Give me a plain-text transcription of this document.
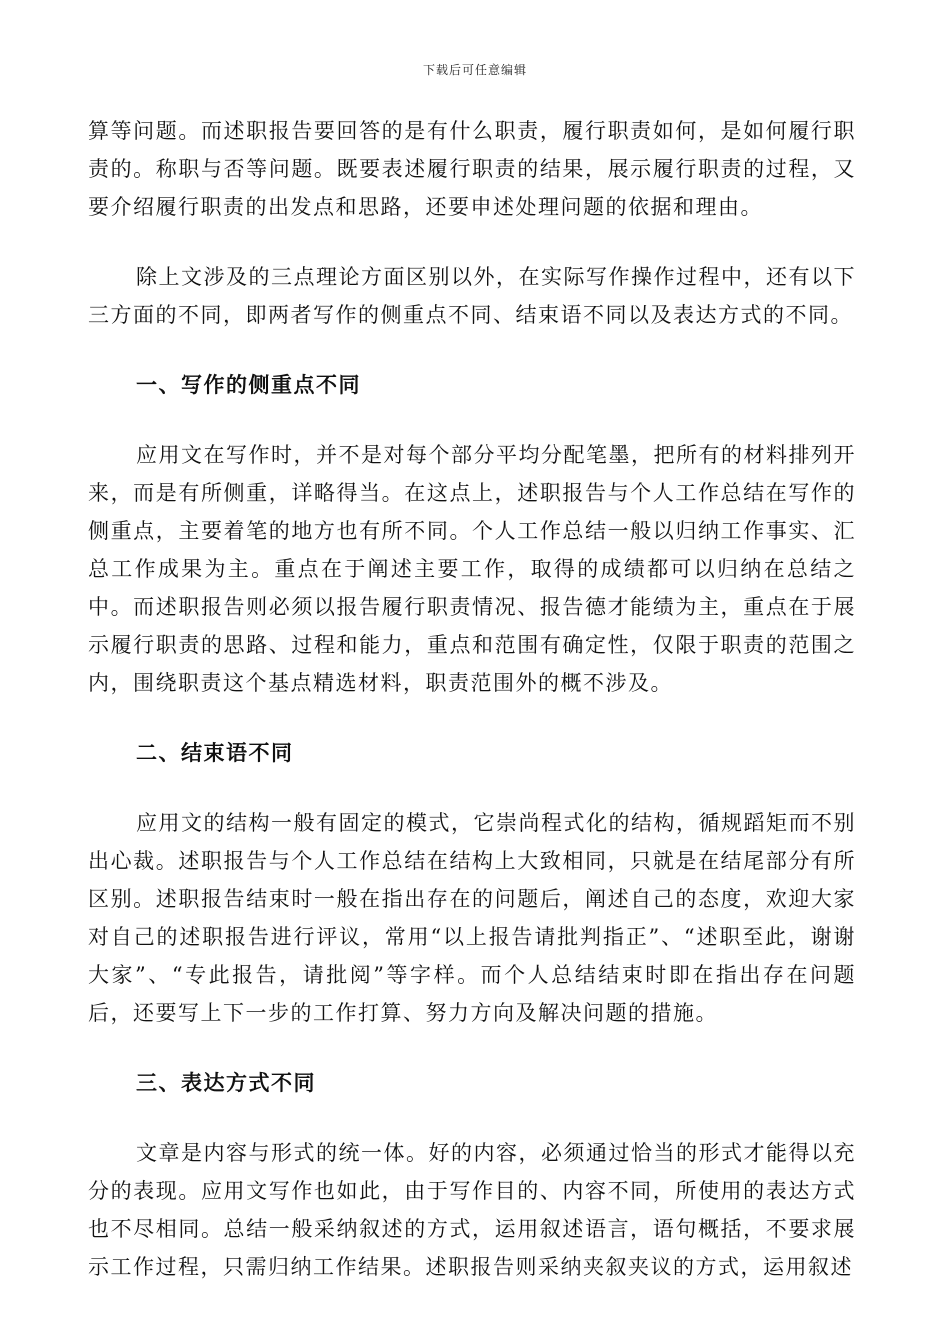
下载后可任意编辑

算等问题。而述职报告要回答的是有什么职责，履行职责如何，是如何履行职责的。称职与否等问题。既要表述履行职责的结果，展示履行职责的过程，又要介绍履行职责的出发点和思路，还要申述处理问题的依据和理由。

除上文涉及的三点理论方面区别以外，在实际写作操作过程中，还有以下三方面的不同，即两者写作的侧重点不同、结束语不同以及表达方式的不同。

一、写作的侧重点不同

应用文在写作时，并不是对每个部分平均分配笔墨，把所有的材料排列开来，而是有所侧重，详略得当。在这点上，述职报告与个人工作总结在写作的侧重点，主要着笔的地方也有所不同。个人工作总结一般以归纳工作事实、汇总工作成果为主。重点在于阐述主要工作，取得的成绩都可以归纳在总结之中。而述职报告则必须以报告履行职责情况、报告德才能绩为主，重点在于展示履行职责的思路、过程和能力，重点和范围有确定性，仅限于职责的范围之内，围绕职责这个基点精选材料，职责范围外的概不涉及。

二、结束语不同

应用文的结构一般有固定的模式，它崇尚程式化的结构，循规蹈矩而不别出心裁。述职报告与个人工作总结在结构上大致相同，只就是在结尾部分有所区别。述职报告结束时一般在指出存在的问题后，阐述自己的态度，欢迎大家对自己的述职报告进行评议，常用“以上报告请批判指正”、“述职至此，谢谢大家”、“专此报告，请批阅”等字样。而个人总结结束时即在指出存在问题后，还要写上下一步的工作打算、努力方向及解决问题的措施。

三、表达方式不同

文章是内容与形式的统一体。好的内容，必须通过恰当的形式才能得以充分的表现。应用文写作也如此，由于写作目的、内容不同，所使用的表达方式也不尽相同。总结一般采纳叙述的方式，运用叙述语言，语句概括，不要求展示工作过程，只需归纳工作结果。述职报告则采纳夹叙夹议的方式，运用叙述
